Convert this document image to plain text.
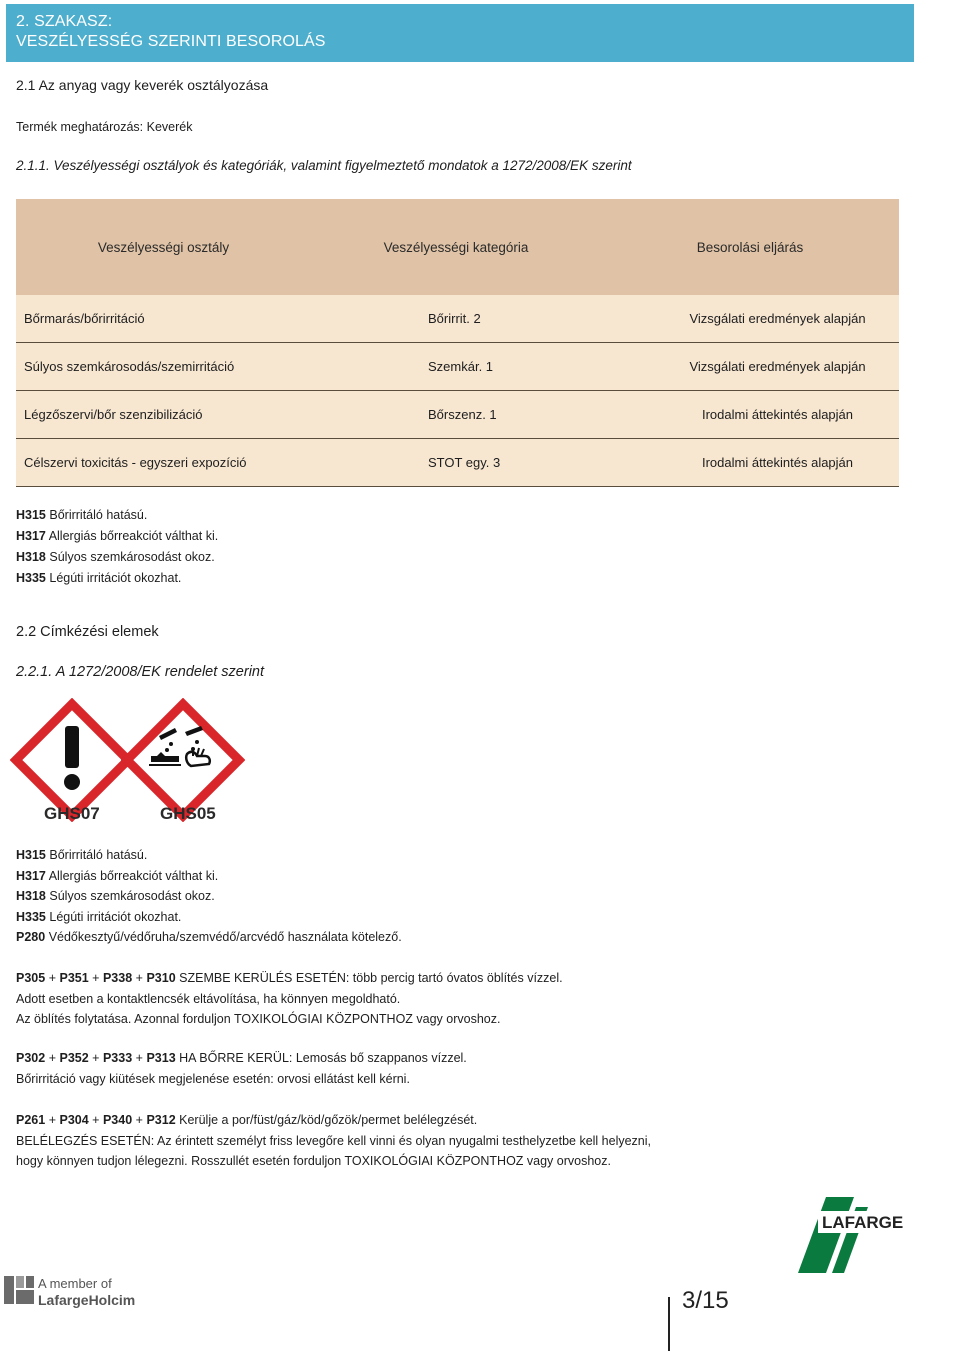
2. SZAKASZ:
VESZÉLYESSÉG SZERINTI BESOROLÁS
2.1 Az anyag vagy keverék osztályozása
Termék meghatározás: Keverék
2.1.1. Veszélyességi osztályok és kategóriák, valamint figyelmeztető mondatok a 1272/2008/EK szerint
Veszélyességi osztály	Veszélyességi kategória	Besorolási eljárás
Bőrmarás/bőrirritáció	Bőrirrit. 2	Vizsgálati eredmények alapján
Súlyos szemkárosodás/szemirritáció	Szemkár. 1	Vizsgálati eredmények alapján
Légzőszervi/bőr szenzibilizáció	Bőrszenz. 1	Irodalmi áttekintés alapján
Célszervi toxicitás - egyszeri expozíció	STOT egy. 3	Irodalmi áttekintés alapján
H315 Bőrirritáló hatású.
H317 Allergiás bőrreakciót válthat ki.
H318 Súlyos szemkárosodást okoz.
H335 Légúti irritációt okozhat.
2.2 Címkézési elemek
2.2.1. A 1272/2008/EK rendelet szerint
GHS07	GHS05
H315 Bőrirritáló hatású.
H317 Allergiás bőrreakciót válthat ki.
H318 Súlyos szemkárosodást okoz.
H335 Légúti irritációt okozhat.
P280 Védőkesztyű/védőruha/szemvédő/arcvédő használata kötelező.
P305 + P351 + P338 + P310 SZEMBE KERÜLÉS ESETÉN: több percig tartó óvatos öblítés vízzel.
Adott esetben a kontaktlencsék eltávolítása, ha könnyen megoldható.
Az öblítés folytatása. Azonnal forduljon TOXIKOLÓGIAI KÖZPONTHOZ vagy orvoshoz.
P302 + P352 + P333 + P313 HA BŐRRE KERÜL: Lemosás bő szappanos vízzel.
Bőrirritáció vagy kiütések megjelenése esetén: orvosi ellátást kell kérni.
P261 + P304 + P340 + P312 Kerülje a por/füst/gáz/köd/gőzök/permet belélegzését.
BELÉLEGZÉS ESETÉN: Az érintett személyt friss levegőre kell vinni és olyan nyugalmi testhelyzetbe kell helyezni,
hogy könnyen tudjon lélegezni. Rosszullét esetén forduljon TOXIKOLÓGIAI KÖZPONTHOZ vagy orvoshoz.
LAFARGE
A member of
LafargeHolcim	3/15
